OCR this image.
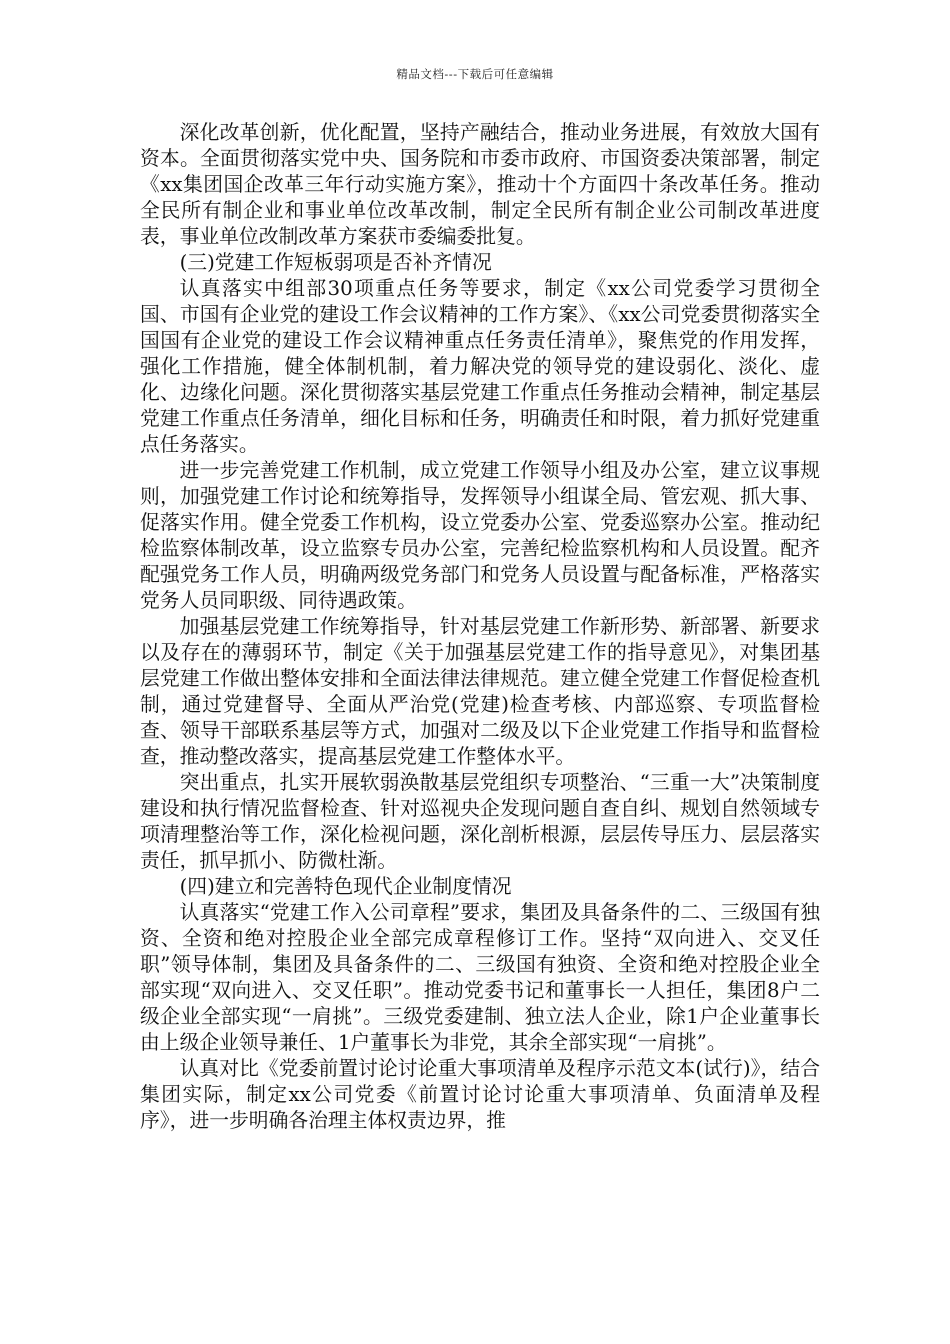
精品文档---下载后可任意编辑

深化改革创新，优化配置，坚持产融结合，推动业务进展，有效放大国有资本。全面贯彻落实党中央、国务院和市委市政府、市国资委决策部署，制定《xx集团国企改革三年行动实施方案》，推动十个方面四十条改革任务。推动全民所有制企业和事业单位改革改制，制定全民所有制企业公司制改革进度表，事业单位改制改革方案获市委编委批复。

(三)党建工作短板弱项是否补齐情况

认真落实中组部30项重点任务等要求，制定《xx公司党委学习贯彻全国、市国有企业党的建设工作会议精神的工作方案》、《xx公司党委贯彻落实全国国有企业党的建设工作会议精神重点任务责任清单》，聚焦党的作用发挥，强化工作措施，健全体制机制，着力解决党的领导党的建设弱化、淡化、虚化、边缘化问题。深化贯彻落实基层党建工作重点任务推动会精神，制定基层党建工作重点任务清单，细化目标和任务，明确责任和时限，着力抓好党建重点任务落实。

进一步完善党建工作机制，成立党建工作领导小组及办公室，建立议事规则，加强党建工作讨论和统筹指导，发挥领导小组谋全局、管宏观、抓大事、促落实作用。健全党委工作机构，设立党委办公室、党委巡察办公室。推动纪检监察体制改革，设立监察专员办公室，完善纪检监察机构和人员设置。配齐配强党务工作人员，明确两级党务部门和党务人员设置与配备标准，严格落实党务人员同职级、同待遇政策。

加强基层党建工作统筹指导，针对基层党建工作新形势、新部署、新要求以及存在的薄弱环节，制定《关于加强基层党建工作的指导意见》，对集团基层党建工作做出整体安排和全面法律法律规范。建立健全党建工作督促检查机制，通过党建督导、全面从严治党(党建)检查考核、内部巡察、专项监督检查、领导干部联系基层等方式，加强对二级及以下企业党建工作指导和监督检查，推动整改落实，提高基层党建工作整体水平。

突出重点，扎实开展软弱涣散基层党组织专项整治、“三重一大”决策制度建设和执行情况监督检查、针对巡视央企发现问题自查自纠、规划自然领域专项清理整治等工作，深化检视问题，深化剖析根源，层层传导压力、层层落实责任，抓早抓小、防微杜渐。

(四)建立和完善特色现代企业制度情况

认真落实“党建工作入公司章程”要求，集团及具备条件的二、三级国有独资、全资和绝对控股企业全部完成章程修订工作。坚持“双向进入、交叉任职”领导体制，集团及具备条件的二、三级国有独资、全资和绝对控股企业全部实现“双向进入、交叉任职”。推动党委书记和董事长一人担任，集团8户二级企业全部实现“一肩挑”。三级党委建制、独立法人企业，除1户企业董事长由上级企业领导兼任、1户董事长为非党，其余全部实现“一肩挑”。

认真对比《党委前置讨论讨论重大事项清单及程序示范文本(试行)》，结合集团实际，制定xx公司党委《前置讨论讨论重大事项清单、负面清单及程序》，进一步明确各治理主体权责边界，推
